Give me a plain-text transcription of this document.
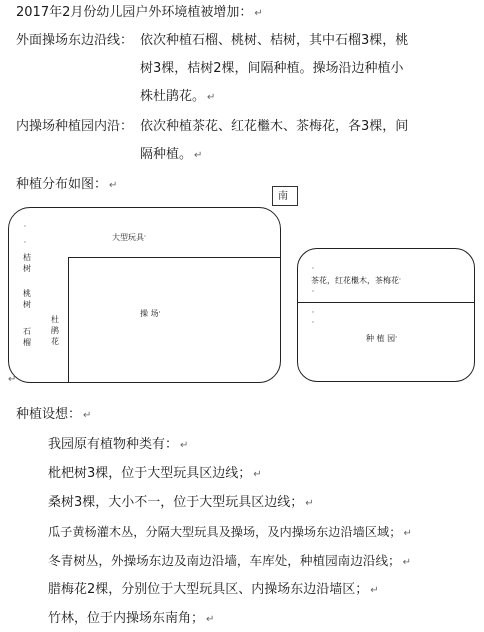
2017年2月份幼儿园户外环境植被增加： ↵
外面操场东边沿线： 依次种植石榴、桃树、桔树，其中石榴3棵，桃
树3棵，桔树2棵，间隔种植。操场沿边种植小
株杜鹃花。 ↵
内操场种植园内沿： 依次种植茶花、红花檵木、茶梅花，各3棵，间
隔种植。 ↵
种植分布如图： ↵
南
'
大型玩具'
'
桔
树
桃
树
石
榴
杜
鹃
花
操 场'
↵
'
茶花，红花檵木，茶梅花'
'
'
'
种 植 园'
种植设想： ↵
我园原有植物种类有： ↵
枇杷树3棵，位于大型玩具区边线； ↵
桑树3棵，大小不一，位于大型玩具区边线； ↵
瓜子黄杨灌木丛，分隔大型玩具及操场，及内操场东边沿墙区域； ↵
冬青树丛，外操场东边及南边沿墙，车库处，种植园南边沿线； ↵
腊梅花2棵，分别位于大型玩具区、内操场东边沿墙区； ↵
竹林，位于内操场东南角； ↵
